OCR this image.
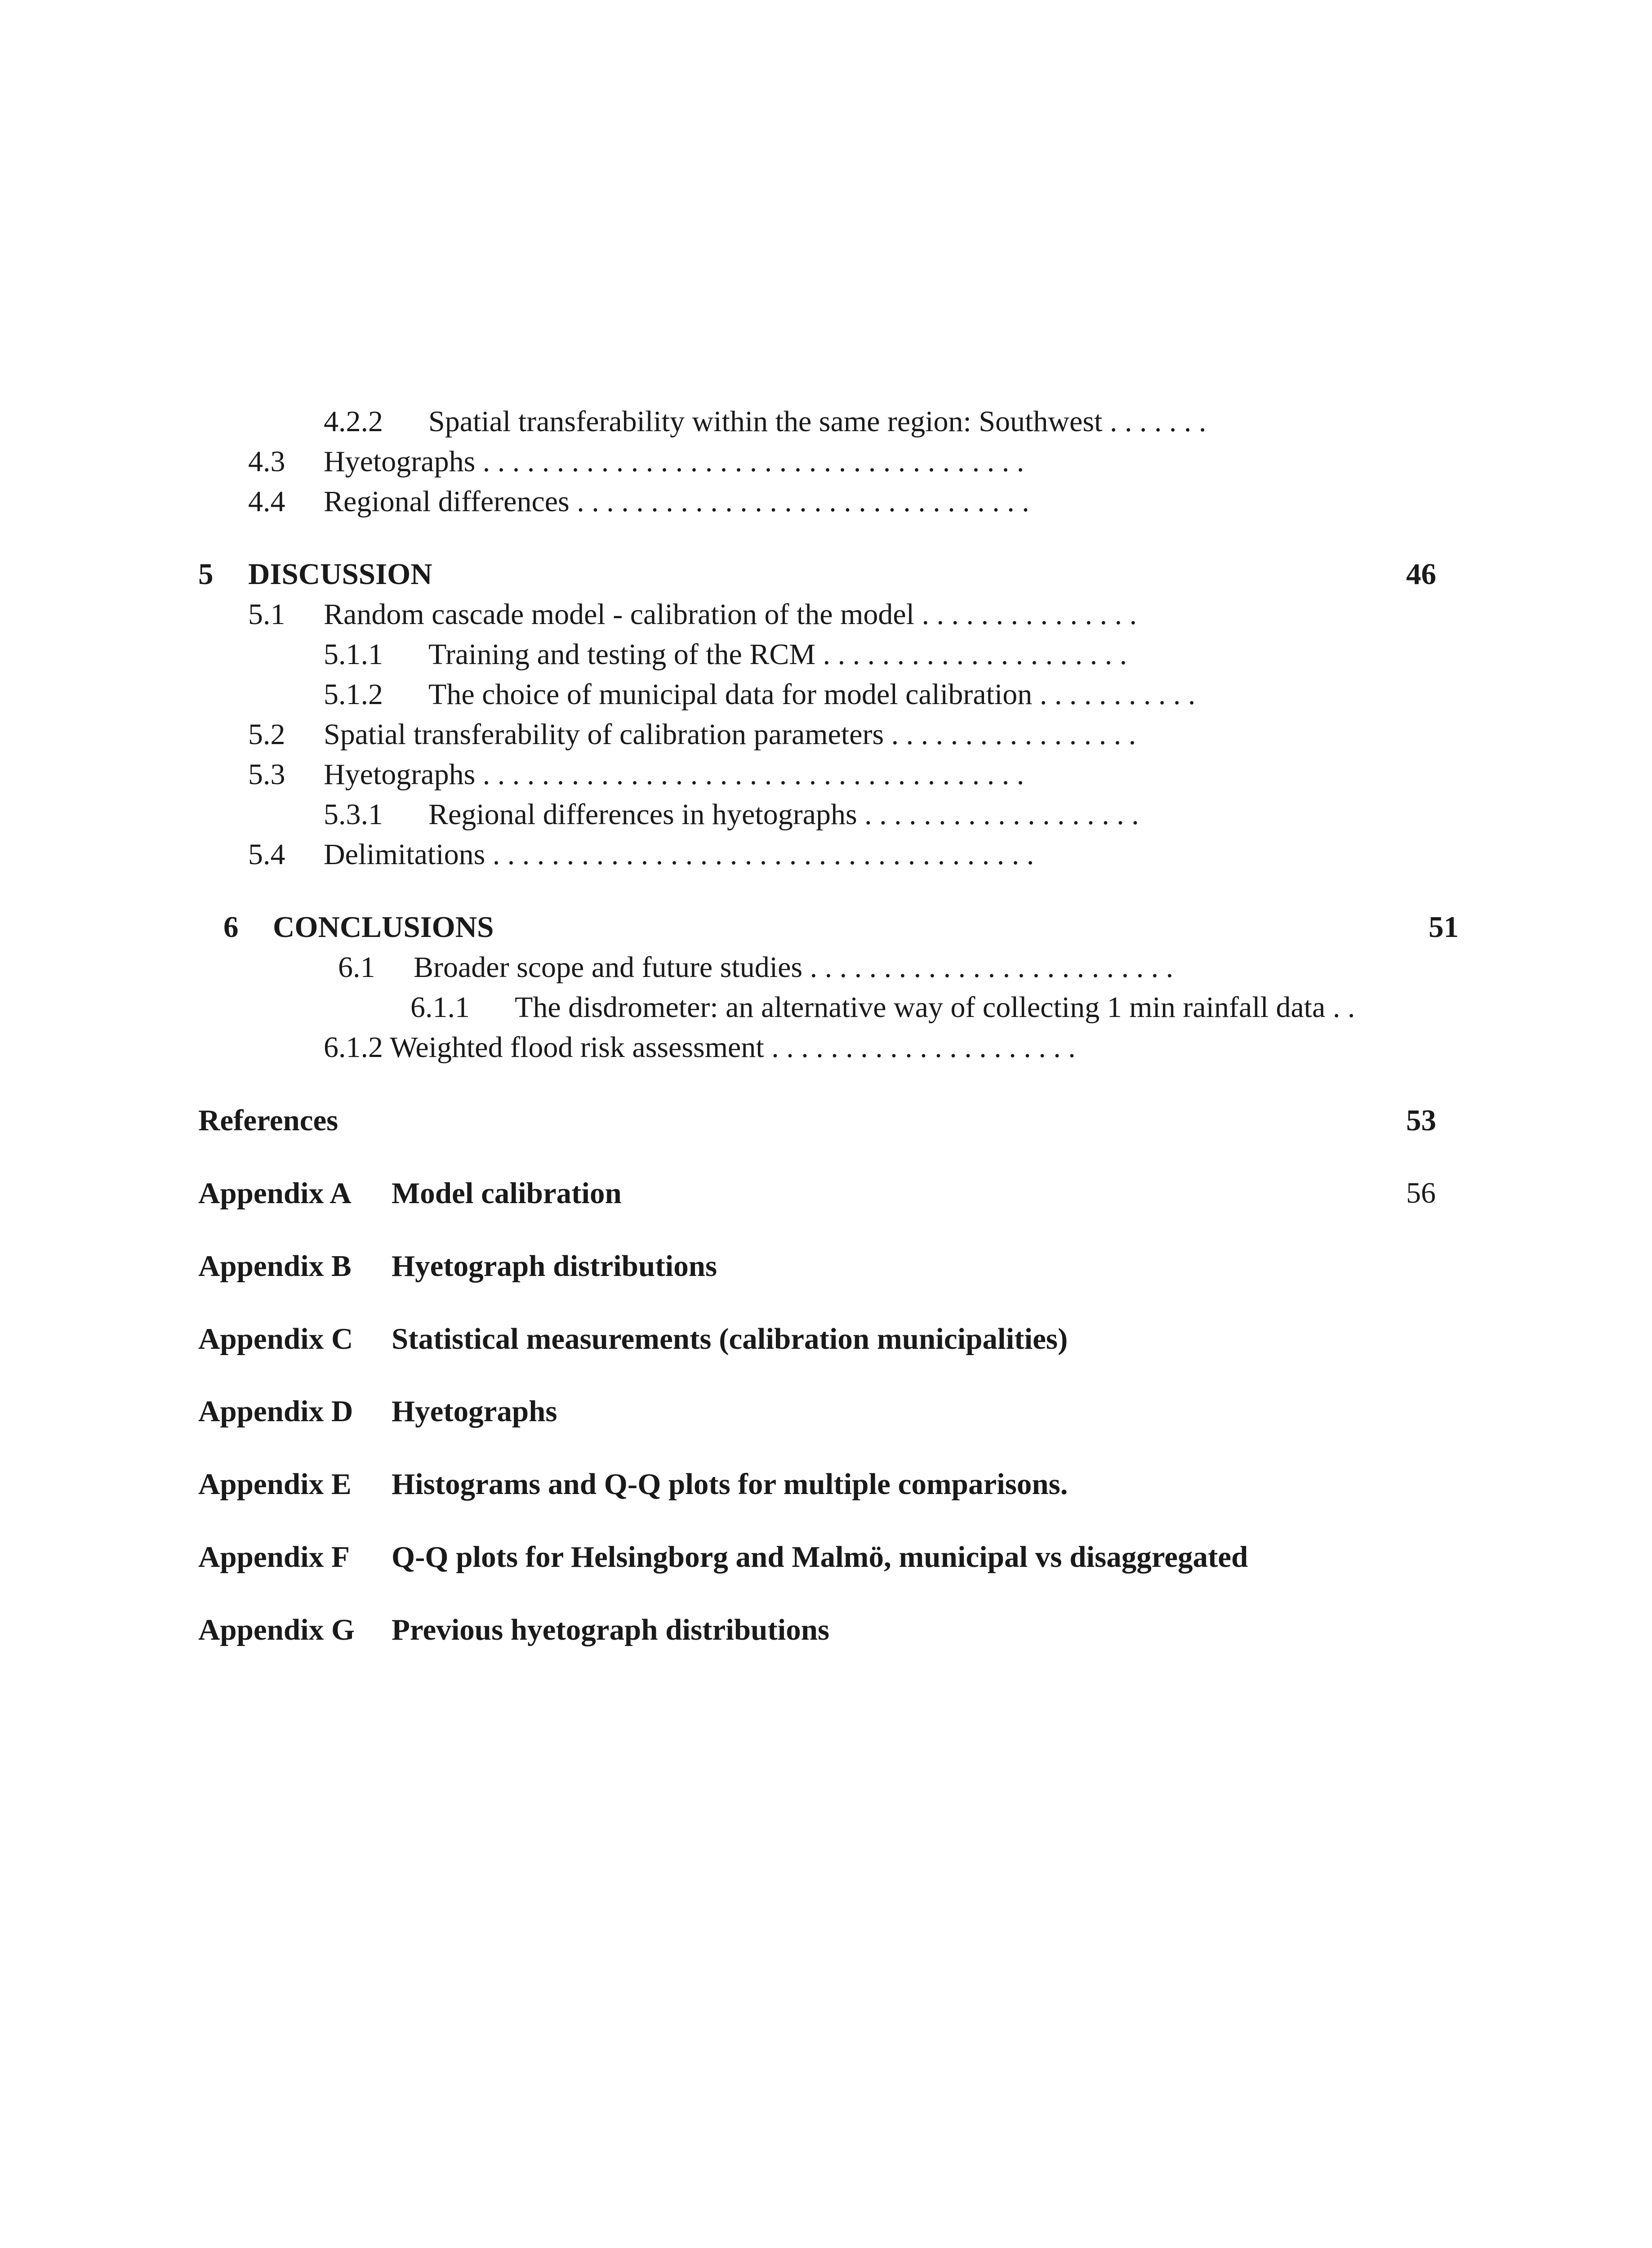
4.2.2 Spatial transferability within the same region: Southwest . . . . . . .
4.3 Hyetographs . . . . . . . . . . . . . . . . . . . . . . . . . . . . . . . . . . . . .
4.4 Regional differences . . . . . . . . . . . . . . . . . . . . . . . . . . . . . . .
5 DISCUSSION	46
5.1 Random cascade model - calibration of the model . . . . . . . . . . . . . . .
5.1.1 Training and testing of the RCM . . . . . . . . . . . . . . . . . . . . .
5.1.2 The choice of municipal data for model calibration . . . . . . . . . . .
5.2 Spatial transferability of calibration parameters . . . . . . . . . . . . . . . . .
5.3 Hyetographs . . . . . . . . . . . . . . . . . . . . . . . . . . . . . . . . . . . . .
5.3.1 Regional differences in hyetographs . . . . . . . . . . . . . . . . . . .
5.4 Delimitations . . . . . . . . . . . . . . . . . . . . . . . . . . . . . . . . . . . . .
6 CONCLUSIONS	51
6.1 Broader scope and future studies . . . . . . . . . . . . . . . . . . . . . . . . .
6.1.1 The disdrometer: an alternative way of collecting 1 min rainfall data . .
6.1.2 Weighted flood risk assessment . . . . . . . . . . . . . . . . . . . . .
References	53
Appendix A Model calibration	56
Appendix B Hyetograph distributions
Appendix C Statistical measurements (calibration municipalities)
Appendix D Hyetographs
Appendix E Histograms and Q-Q plots for multiple comparisons.
Appendix F Q-Q plots for Helsingborg and Malmö, municipal vs disaggregated
Appendix G Previous hyetograph distributions
